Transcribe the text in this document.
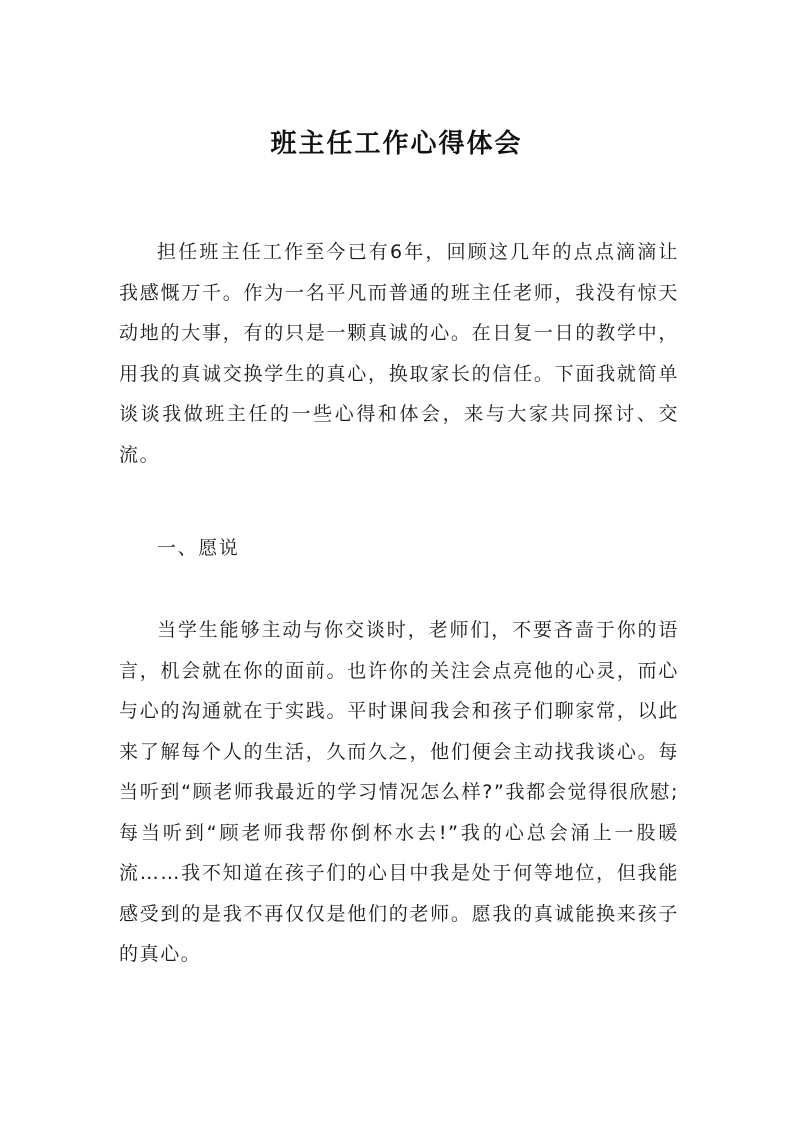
班主任工作心得体会

担任班主任工作至今已有6年，回顾这几年的点点滴滴让我感慨万千。作为一名平凡而普通的班主任老师，我没有惊天动地的大事，有的只是一颗真诚的心。在日复一日的教学中，用我的真诚交换学生的真心，换取家长的信任。下面我就简单谈谈我做班主任的一些心得和体会，来与大家共同探讨、交流。

一、愿说

当学生能够主动与你交谈时，老师们，不要吝啬于你的语言，机会就在你的面前。也许你的关注会点亮他的心灵，而心与心的沟通就在于实践。平时课间我会和孩子们聊家常，以此来了解每个人的生活，久而久之，他们便会主动找我谈心。每当听到“顾老师我最近的学习情况怎么样?”我都会觉得很欣慰;每当听到“顾老师我帮你倒杯水去!”我的心总会涌上一股暖流……我不知道在孩子们的心目中我是处于何等地位，但我能感受到的是我不再仅仅是他们的老师。愿我的真诚能换来孩子的真心。
